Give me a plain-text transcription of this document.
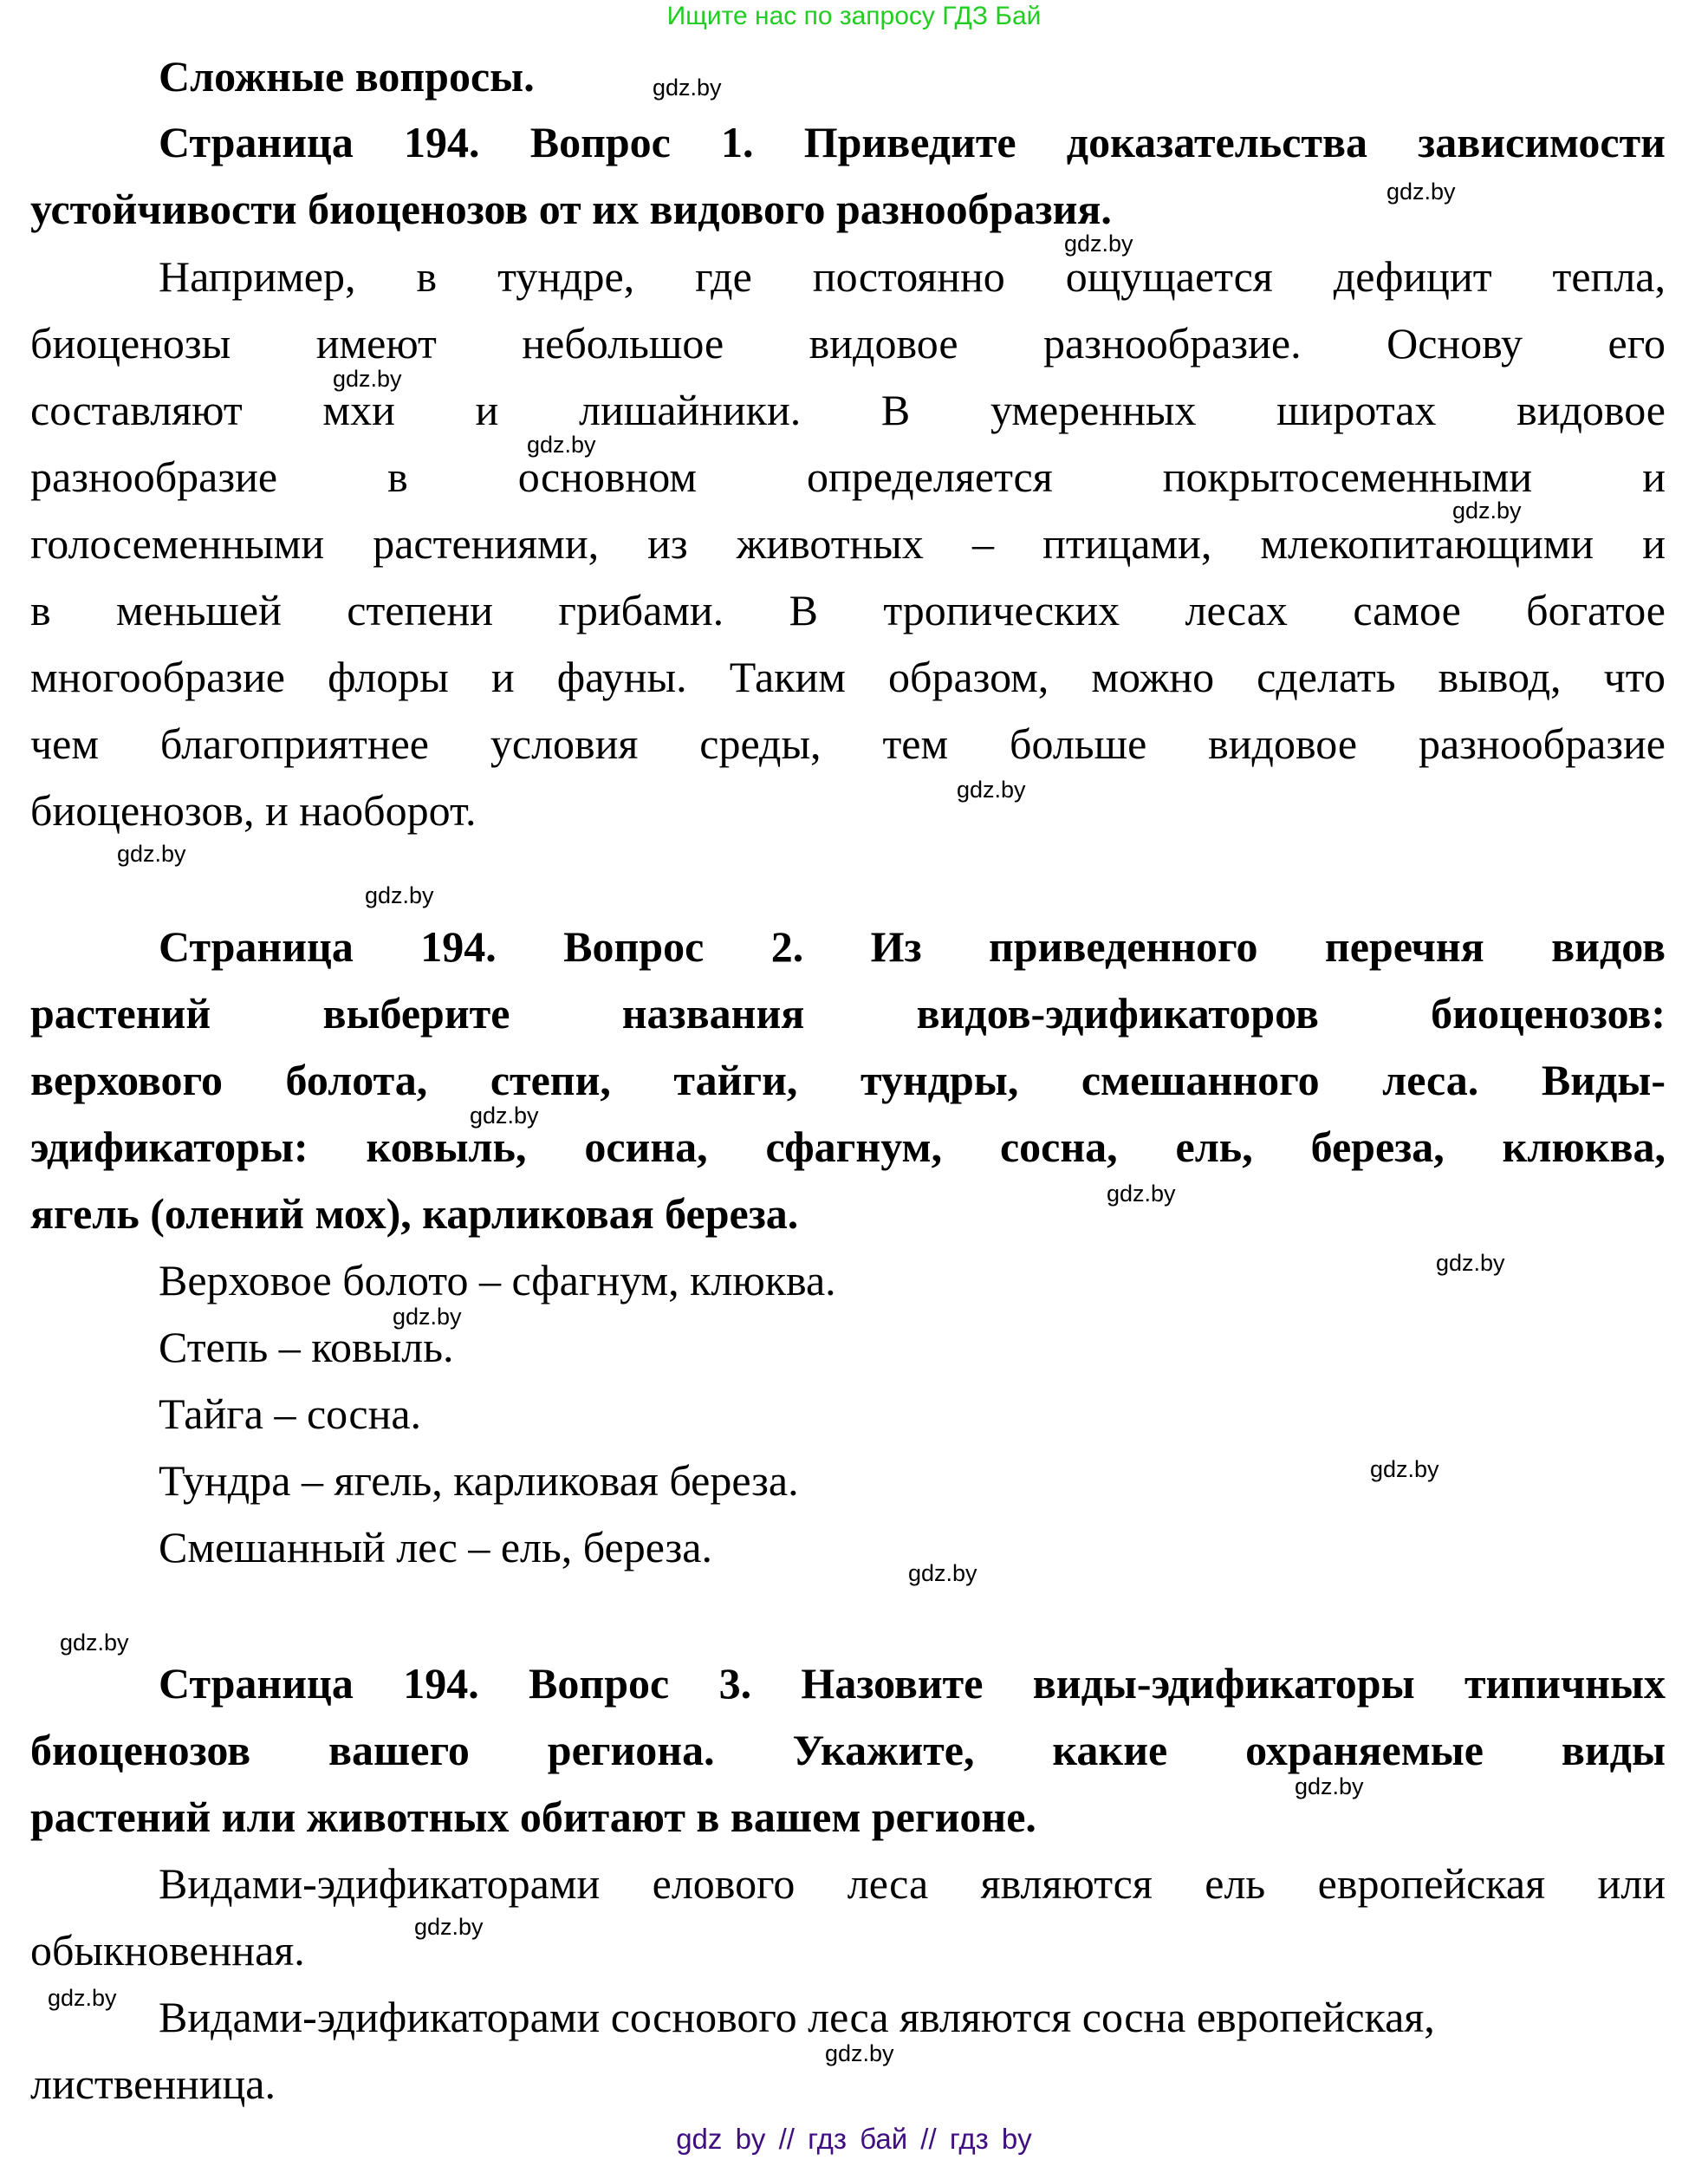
Ищите нас по запросу ГДЗ Бай
Сложные вопросы.
Страница 194. Вопрос 1. Приведите доказательства зависимости
устойчивости биоценозов от их видового разнообразия.
Например, в тундре, где постоянно ощущается дефицит тепла,
биоценозы имеют небольшое видовое разнообразие. Основу его
составляют мхи и лишайники. В умеренных широтах видовое
разнообразие в основном определяется покрытосеменными и
голосеменными растениями, из животных – птицами, млекопитающими и
в меньшей степени грибами. В тропических лесах самое богатое
многообразие флоры и фауны. Таким образом, можно сделать вывод, что
чем благоприятнее условия среды, тем больше видовое разнообразие
биоценозов, и наоборот.
Страница 194. Вопрос 2. Из приведенного перечня видов
растений выберите названия видов-эдификаторов биоценозов:
верхового болота, степи, тайги, тундры, смешанного леса. Виды-
эдификаторы: ковыль, осина, сфагнум, сосна, ель, береза, клюква,
ягель (олений мох), карликовая береза.
Верховое болото – сфагнум, клюква.
Степь – ковыль.
Тайга – сосна.
Тундра – ягель, карликовая береза.
Смешанный лес – ель, береза.
Страница 194. Вопрос 3. Назовите виды-эдификаторы типичных
биоценозов вашего региона. Укажите, какие охраняемые виды
растений или животных обитают в вашем регионе.
Видами-эдификаторами елового леса являются ель европейская или
обыкновенная.
Видами-эдификаторами соснового леса являются сосна европейская,
лиственница.
gdz.by
gdz.by
gdz.by
gdz.by
gdz.by
gdz.by
gdz.by
gdz.by
gdz.by
gdz.by
gdz.by
gdz.by
gdz.by
gdz.by
gdz.by
gdz.by
gdz.by
gdz.by
gdz.by
gdz.by
gdz by // гдз бай // гдз by
